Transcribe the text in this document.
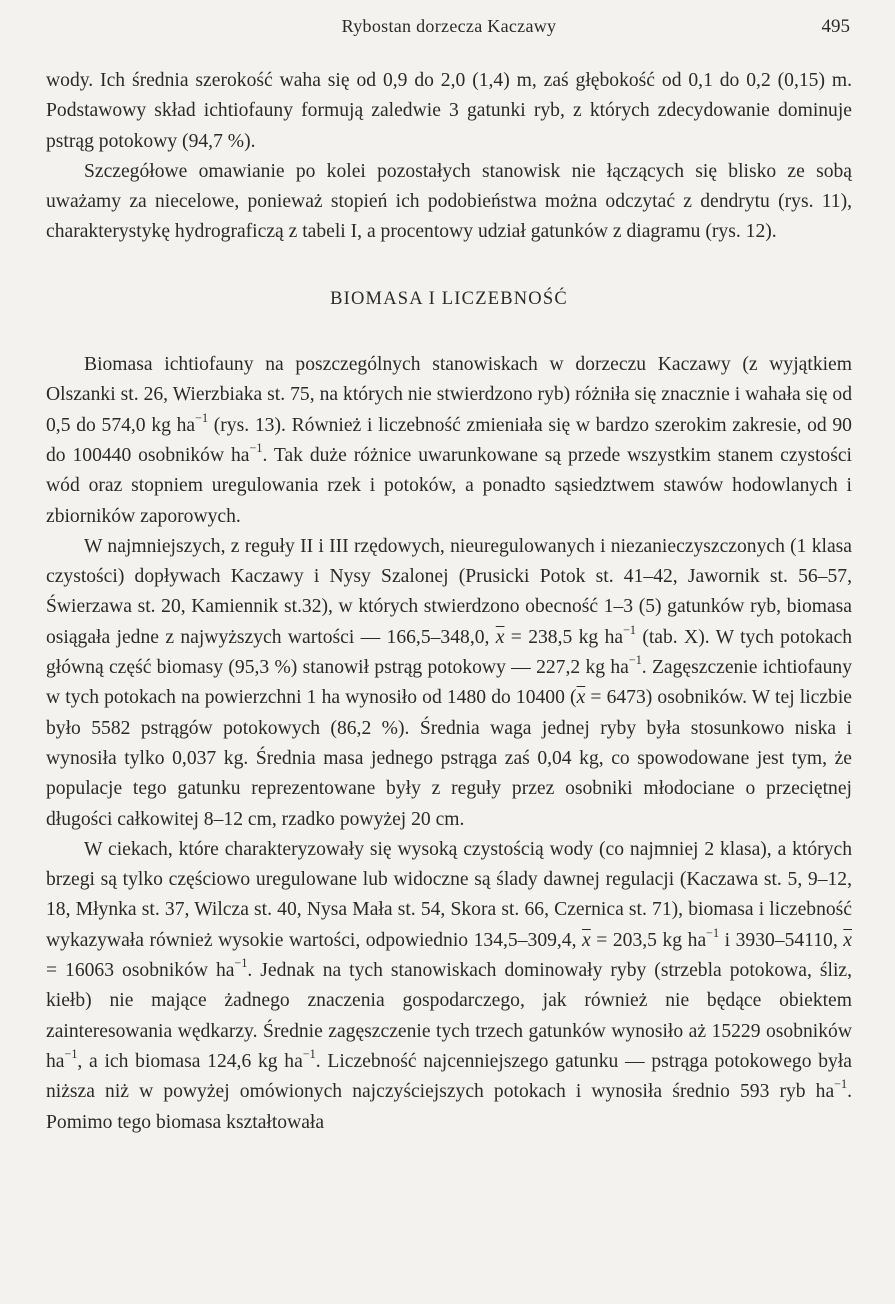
Rybostan dorzecza Kaczawy	495

wody. Ich średnia szerokość waha się od 0,9 do 2,0 (1,4) m, zaś głębokość od 0,1 do 0,2 (0,15) m. Podstawowy skład ichtiofauny formują zaledwie 3 gatunki ryb, z których zdecydowanie dominuje pstrąg potokowy (94,7 %).

Szczegółowe omawianie po kolei pozostałych stanowisk nie łączących się blisko ze sobą uważamy za niecelowe, ponieważ stopień ich podobieństwa można odczytać z dendrytu (rys. 11), charakterystykę hydrograficzą z tabeli I, a procentowy udział gatunków z diagramu (rys. 12).

BIOMASA I LICZEBNOŚĆ

Biomasa ichtiofauny na poszczególnych stanowiskach w dorzeczu Kaczawy (z wyjątkiem Olszanki st. 26, Wierzbiaka st. 75, na których nie stwierdzono ryb) różniła się znacznie i wahała się od 0,5 do 574,0 kg $ha^{-1}$ (rys. 13). Również i liczebność zmieniała się w bardzo szerokim zakresie, od 90 do 100440 osobników $ha^{-1}$. Tak duże różnice uwarunkowane są przede wszystkim stanem czystości wód oraz stopniem uregulowania rzek i potoków, a ponadto sąsiedztwem stawów hodowlanych i zbiorników zaporowych.

W najmniejszych, z reguły II i III rzędowych, nieuregulowanych i niezanieczyszczonych (1 klasa czystości) dopływach Kaczawy i Nysy Szalonej (Prusicki Potok st. 41–42, Jawornik st. 56–57, Świerzawa st. 20, Kamiennik st.32), w których stwierdzono obecność 1–3 (5) gatunków ryb, biomasa osiągała jedne z najwyższych wartości — 166,5–348,0, $\overline{x} = 238,5$ kg $ha^{-1}$ (tab. X). W tych potokach główną część biomasy (95,3 %) stanowił pstrąg potokowy — 227,2 kg $ha^{-1}$. Zagęszczenie ichtiofauny w tych potokach na powierzchni 1 ha wynosiło od 1480 do 10400 $(\overline{x} = 6473)$ osobników. W tej liczbie było 5582 pstrągów potokowych (86,2 %). Średnia waga jednej ryby była stosunkowo niska i wynosiła tylko 0,037 kg. Średnia masa jednego pstrąga zaś 0,04 kg, co spowodowane jest tym, że populacje tego gatunku reprezentowane były z reguły przez osobniki młodociane o przeciętnej długości całkowitej 8–12 cm, rzadko powyżej 20 cm.

W ciekach, które charakteryzowały się wysoką czystością wody (co najmniej 2 klasa), a których brzegi są tylko częściowo uregulowane lub widoczne są ślady dawnej regulacji (Kaczawa st. 5, 9–12, 18, Młynka st. 37, Wilcza st. 40, Nysa Mała st. 54, Skora st. 66, Czernica st. 71), biomasa i liczebność wykazywała również wysokie wartości, odpowiednio 134,5–309,4, $\overline{x} = 203,5$ kg $ha^{-1}$ i 3930–54110, $\overline{x} = 16063$ osobników $ha^{-1}$. Jednak na tych stanowiskach dominowały ryby (strzebla potokowa, śliz, kiełb) nie mające żadnego znaczenia gospodarczego, jak również nie będące obiektem zainteresowania wędkarzy. Średnie zagęszczenie tych trzech gatunków wynosiło aż 15229 osobników $ha^{-1}$, a ich biomasa 124,6 kg $ha^{-1}$. Liczebność najcenniejszego gatunku — pstrąga potokowego była niższa niż w powyżej omówionych najczyściejszych potokach i wynosiła średnio 593 ryb $ha^{-1}$. Pomimo tego biomasa kształtowała
